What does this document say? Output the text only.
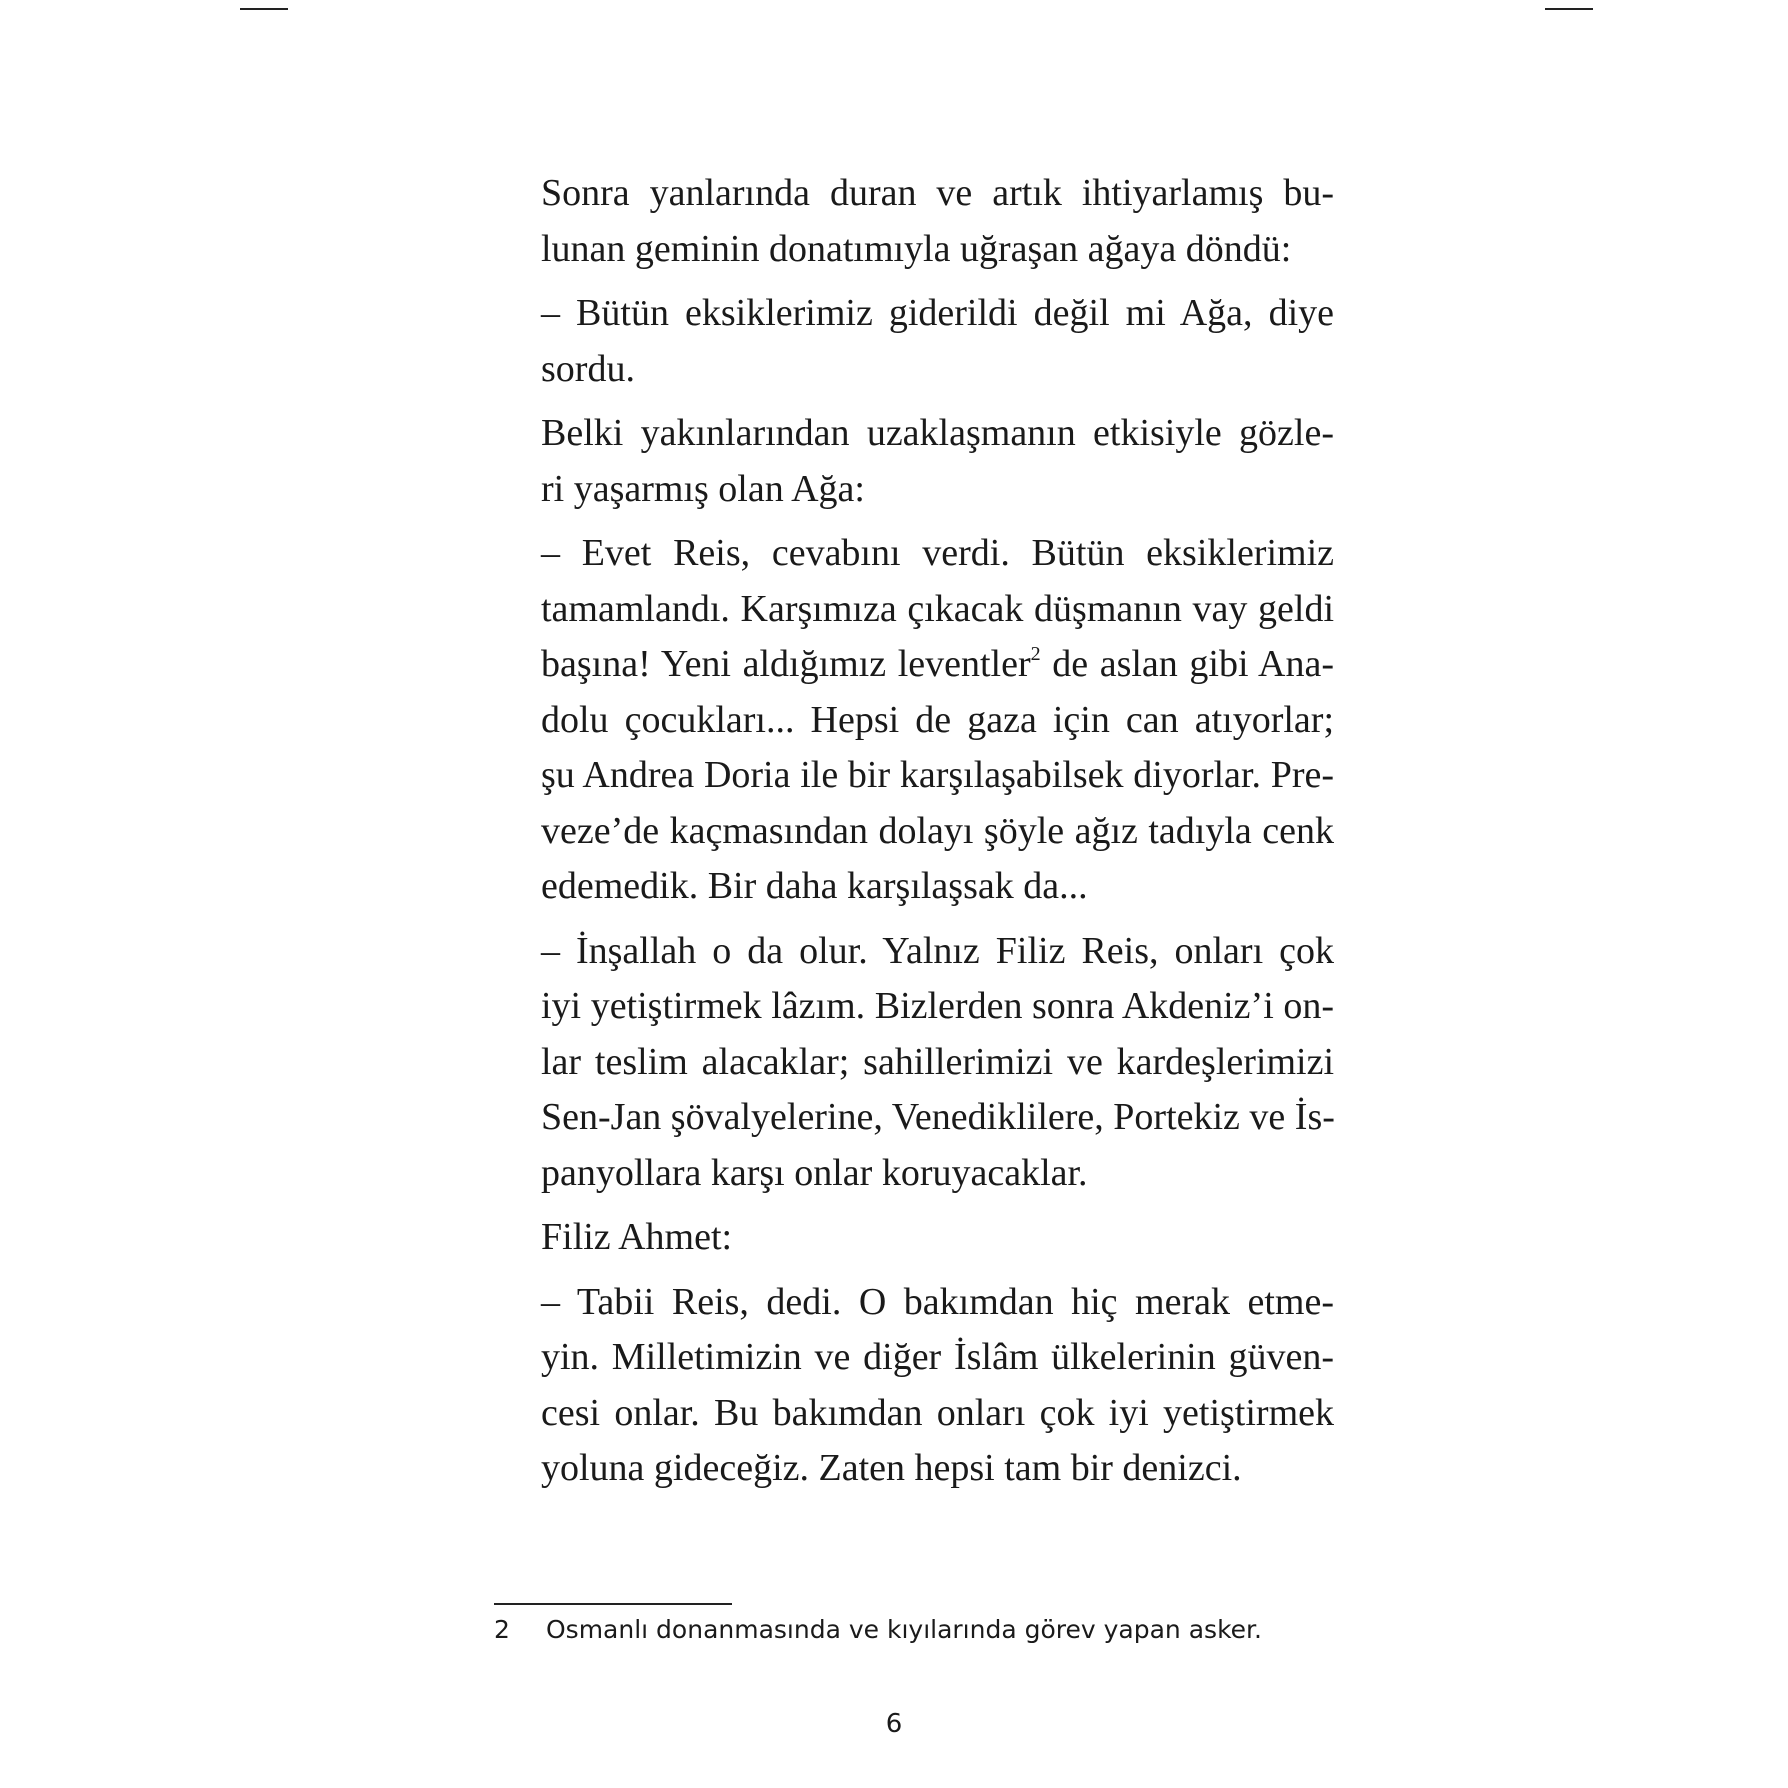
Sonra yanlarında duran ve artık ihtiyarlamış bu-
lunan geminin donatımıyla uğraşan ağaya döndü:

– Bütün eksiklerimiz giderildi değil mi Ağa, diye
sordu.

Belki yakınlarından uzaklaşmanın etkisiyle gözle-
ri yaşarmış olan Ağa:

– Evet Reis, cevabını verdi. Bütün eksiklerimiz
tamamlandı. Karşımıza çıkacak düşmanın vay geldi
başına! Yeni aldığımız leventler$^2$ de aslan gibi Ana-
dolu çocukları... Hepsi de gaza için can atıyorlar;
şu Andrea Doria ile bir karşılaşabilsek diyorlar. Pre-
veze’de kaçmasından dolayı şöyle ağız tadıyla cenk
edemedik. Bir daha karşılaşsak da...

– İnşallah o da olur. Yalnız Filiz Reis, onları çok
iyi yetiştirmek lâzım. Bizlerden sonra Akdeniz’i on-
lar teslim alacaklar; sahillerimizi ve kardeşlerimizi
Sen-Jan şövalyelerine, Venediklilere, Portekiz ve İs-
panyollara karşı onlar koruyacaklar.

Filiz Ahmet:

– Tabii Reis, dedi. O bakımdan hiç merak etme-
yin. Milletimizin ve diğer İslâm ülkelerinin güven-
cesi onlar. Bu bakımdan onları çok iyi yetiştirmek
yoluna gideceğiz. Zaten hepsi tam bir denizci.

2 Osmanlı donanmasında ve kıyılarında görev yapan asker.
6
